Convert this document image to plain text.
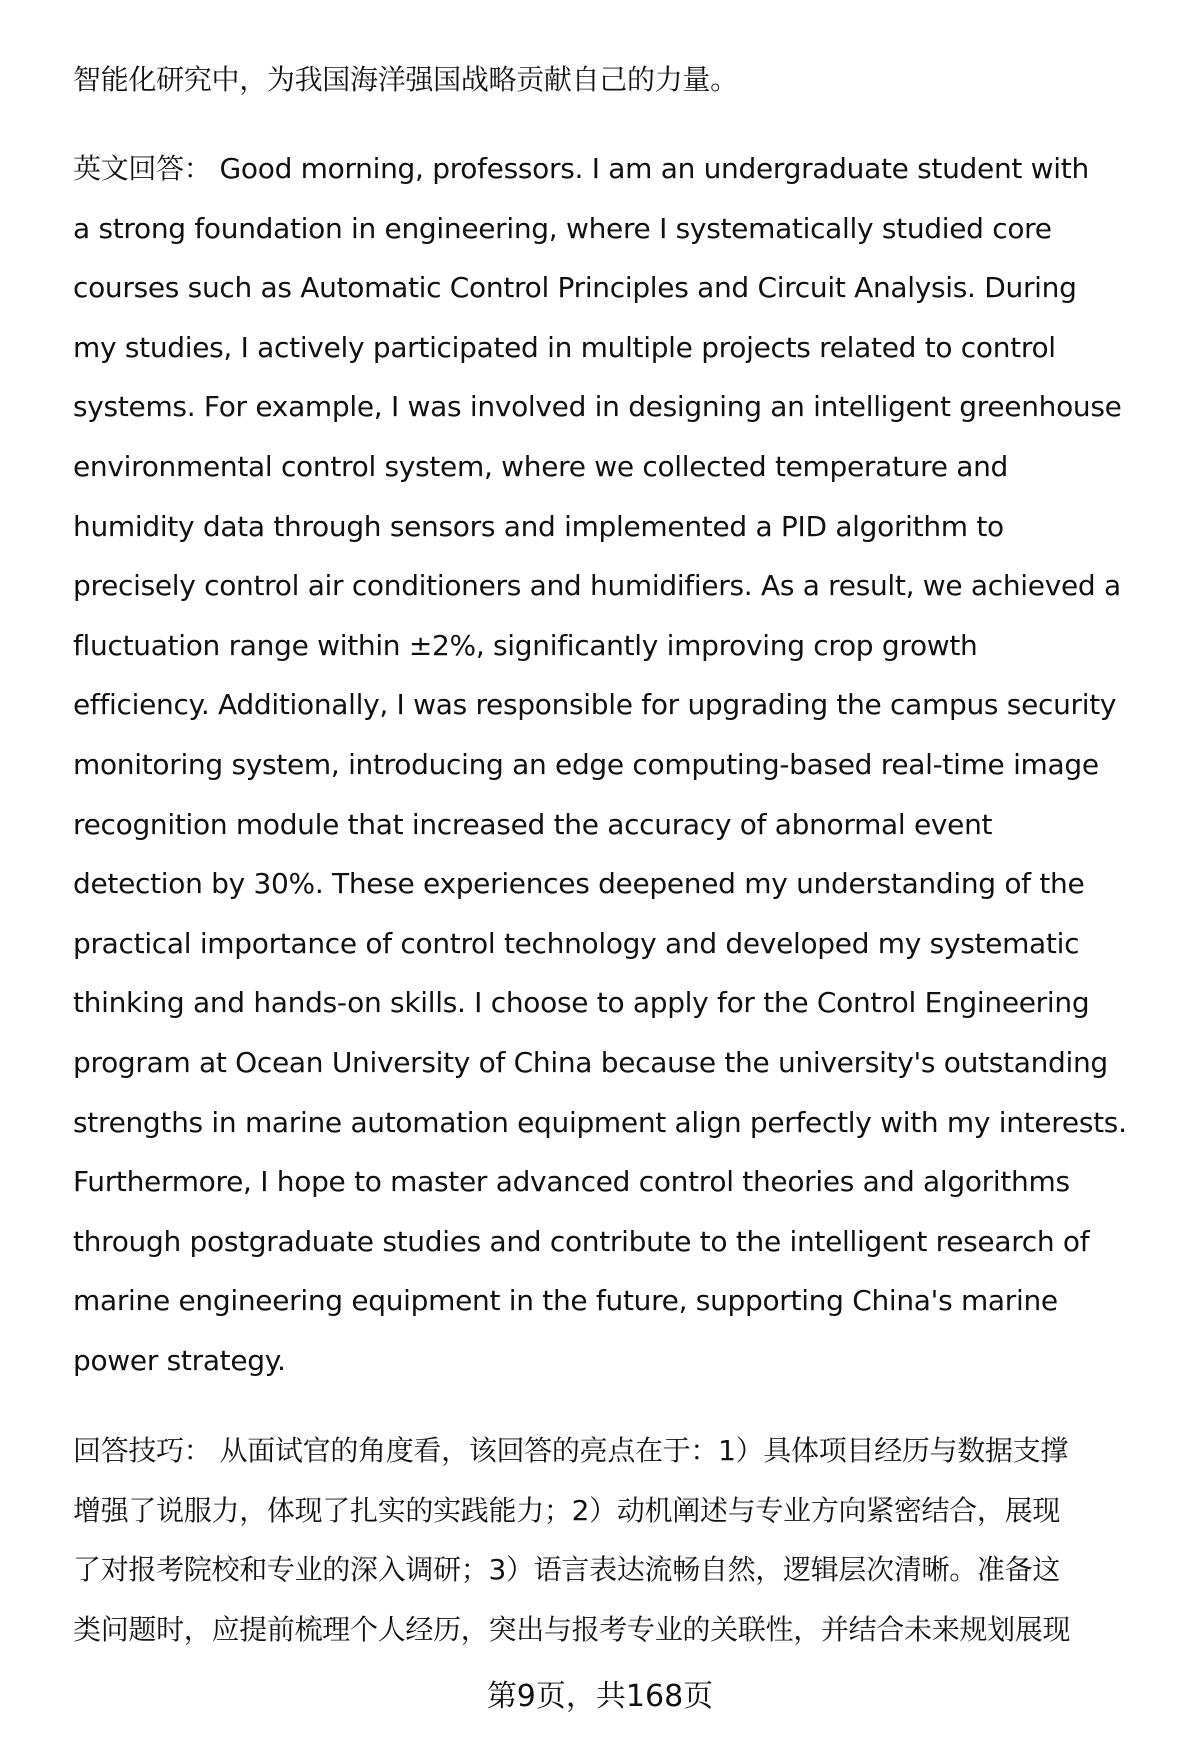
智能化研究中，为我国海洋强国战略贡献自己的力量。
英文回答： Good morning, professors. I am an undergraduate student with
a strong foundation in engineering, where I systematically studied core
courses such as Automatic Control Principles and Circuit Analysis. During
my studies, I actively participated in multiple projects related to control
systems. For example, I was involved in designing an intelligent greenhouse
environmental control system, where we collected temperature and
humidity data through sensors and implemented a PID algorithm to
precisely control air conditioners and humidifiers. As a result, we achieved a
fluctuation range within ±2%, significantly improving crop growth
efficiency. Additionally, I was responsible for upgrading the campus security
monitoring system, introducing an edge computing-based real-time image
recognition module that increased the accuracy of abnormal event
detection by 30%. These experiences deepened my understanding of the
practical importance of control technology and developed my systematic
thinking and hands-on skills. I choose to apply for the Control Engineering
program at Ocean University of China because the university's outstanding
strengths in marine automation equipment align perfectly with my interests.
Furthermore, I hope to master advanced control theories and algorithms
through postgraduate studies and contribute to the intelligent research of
marine engineering equipment in the future, supporting China's marine
power strategy.
回答技巧： 从面试官的角度看，该回答的亮点在于：1）具体项目经历与数据支撑
增强了说服力，体现了扎实的实践能力；2）动机阐述与专业方向紧密结合，展现
了对报考院校和专业的深入调研；3）语言表达流畅自然，逻辑层次清晰。准备这
类问题时，应提前梳理个人经历，突出与报考专业的关联性，并结合未来规划展现
第9页，共168页
